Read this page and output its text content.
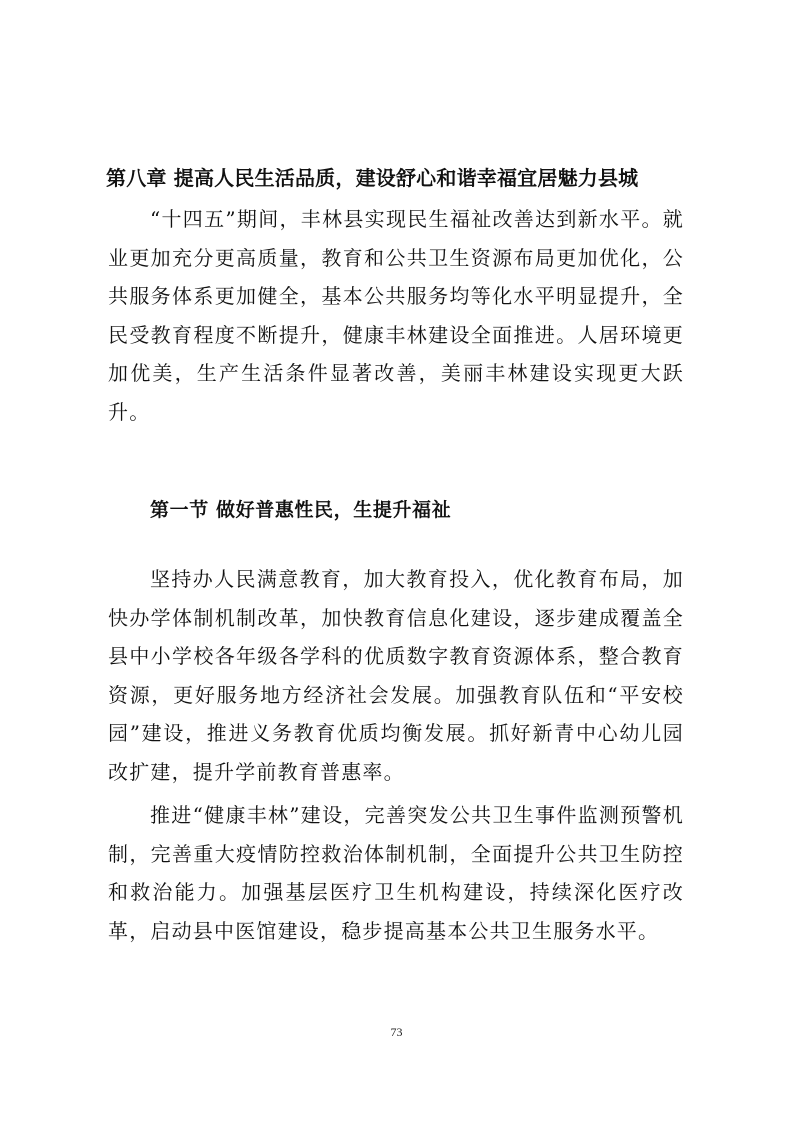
第八章 提高人民生活品质，建设舒心和谐幸福宜居魅力县城

“十四五”期间，丰林县实现民生福祉改善达到新水平。就业更加充分更高质量，教育和公共卫生资源布局更加优化，公共服务体系更加健全，基本公共服务均等化水平明显提升，全民受教育程度不断提升，健康丰林建设全面推进。人居环境更加优美，生产生活条件显著改善，美丽丰林建设实现更大跃升。

第一节 做好普惠性民，生提升福祉

坚持办人民满意教育，加大教育投入，优化教育布局，加快办学体制机制改革，加快教育信息化建设，逐步建成覆盖全县中小学校各年级各学科的优质数字教育资源体系，整合教育资源，更好服务地方经济社会发展。加强教育队伍和“平安校园”建设，推进义务教育优质均衡发展。抓好新青中心幼儿园改扩建，提升学前教育普惠率。

推进“健康丰林”建设，完善突发公共卫生事件监测预警机制，完善重大疫情防控救治体制机制，全面提升公共卫生防控和救治能力。加强基层医疗卫生机构建设，持续深化医疗改革，启动县中医馆建设，稳步提高基本公共卫生服务水平。

73
